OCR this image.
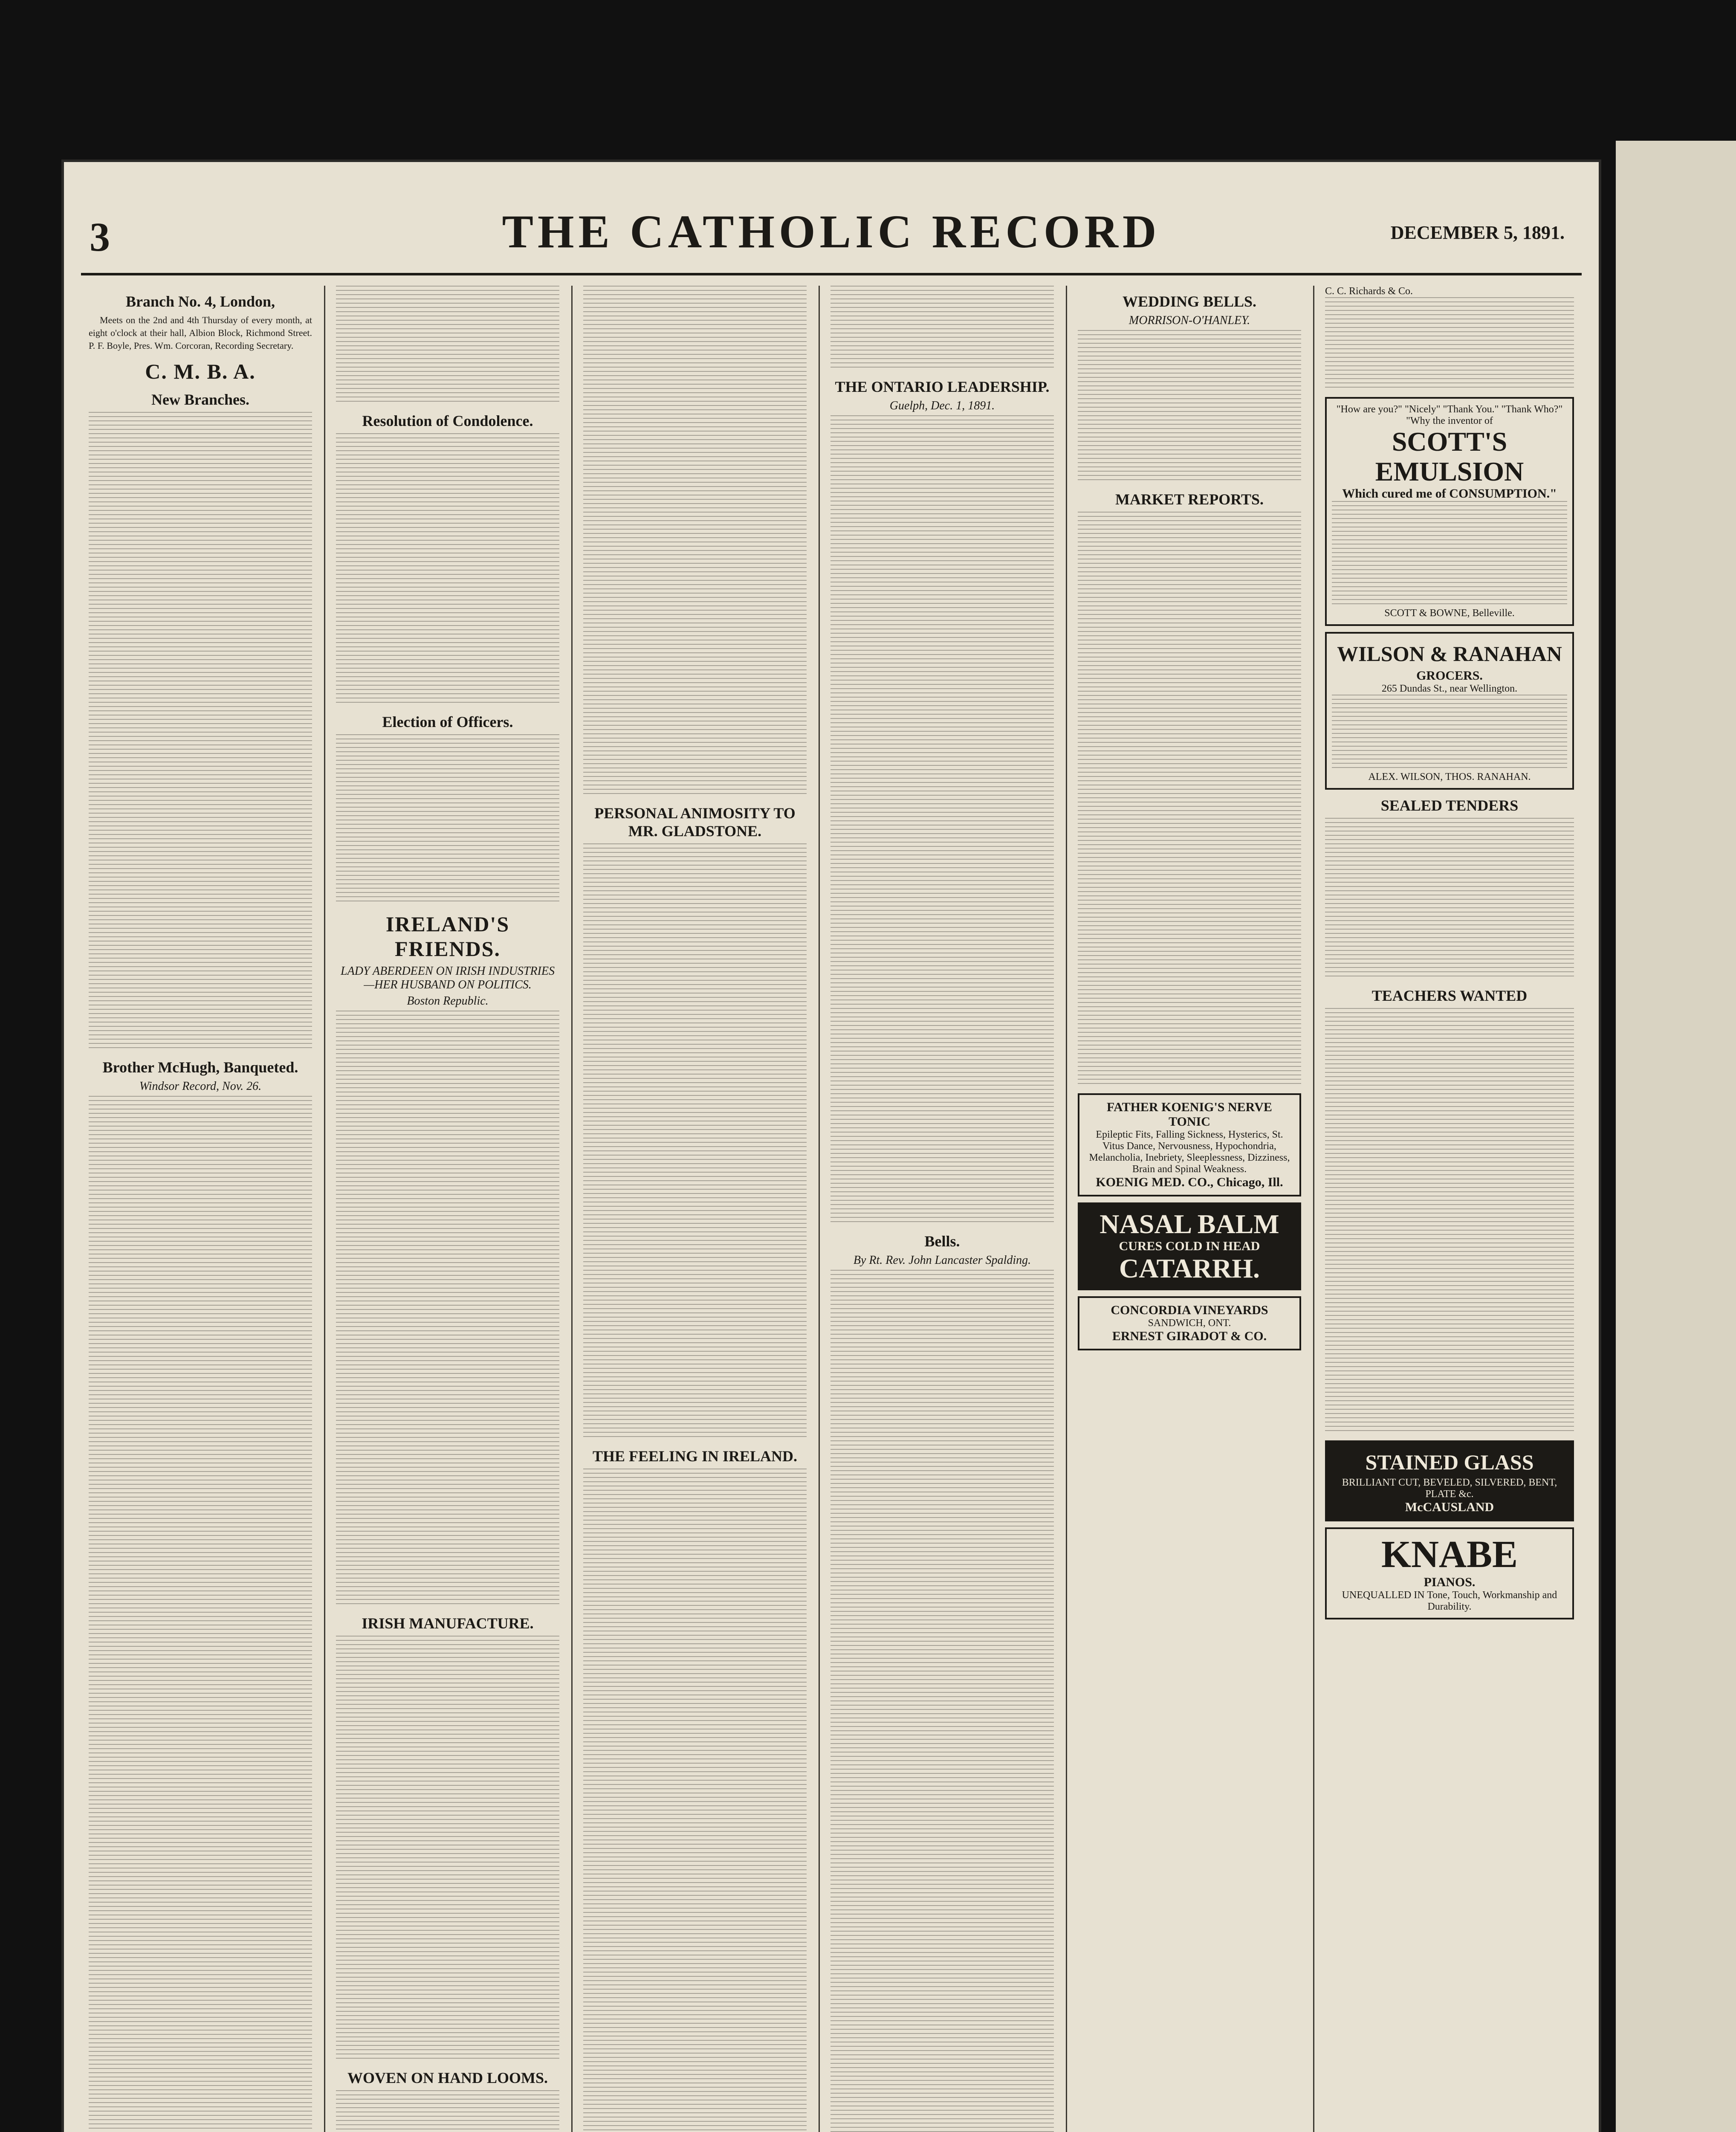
3	THE CATHOLIC RECORD	DECEMBER 5, 1891.
Branch No. 4, London,

Meets on the 2nd and 4th Thursday of every month, at eight o'clock at their hall, Albion Block, Richmond Street. P. F. Boyle, Pres. Wm. Corcoran, Recording Secretary.

C. M. B. A.
New Branches.
Brother McHugh, Banqueted.
Windsor Record, Nov. 26.
Resolution of Condolence.
Election of Officers.
IRELAND'S FRIENDS.
LADY ABERDEEN ON IRISH INDUSTRIES—HER HUSBAND ON POLITICS.
Boston Republic.
IRISH MANUFACTURE.
WOVEN ON HAND LOOMS.
PERSONAL ANIMOSITY TO MR. GLADSTONE.
THE FEELING IN IRELAND.
THE ONTARIO LEADERSHIP.
Guelph, Dec. 1, 1891.
Bells.
By Rt. Rev. John Lancaster Spalding.
WEDDING BELLS.
MORRISON-O'HANLEY.
MARKET REPORTS.
FATHER KOENIG'S NERVE TONIC
Epileptic Fits, Falling Sickness, Hysterics, St. Vitus Dance, Nervousness, Hypochondria, Melancholia, Inebriety, Sleeplessness, Dizziness, Brain and Spinal Weakness.
KOENIG MED. CO., Chicago, Ill.
NASAL BALM
CURES COLD IN HEAD
CATARRH.
CONCORDIA VINEYARDS
SANDWICH, ONT.
ERNEST GIRADOT & CO.
C. C. Richards & Co.
"How are you?" "Nicely" "Thank You." "Thank Who?" "Why the inventor of
SCOTT'S EMULSION
Which cured me of CONSUMPTION."
SCOTT & BOWNE, Belleville.
WILSON & RANAHAN
GROCERS.
265 Dundas St., near Wellington.
ALEX. WILSON, THOS. RANAHAN.
SEALED TENDERS
TEACHERS WANTED
STAINED GLASS
BRILLIANT CUT, BEVELED, SILVERED, BENT, PLATE &c.
McCAUSLAND
KNABE
PIANOS.
UNEQUALLED IN Tone, Touch, Workmanship and Durability.
